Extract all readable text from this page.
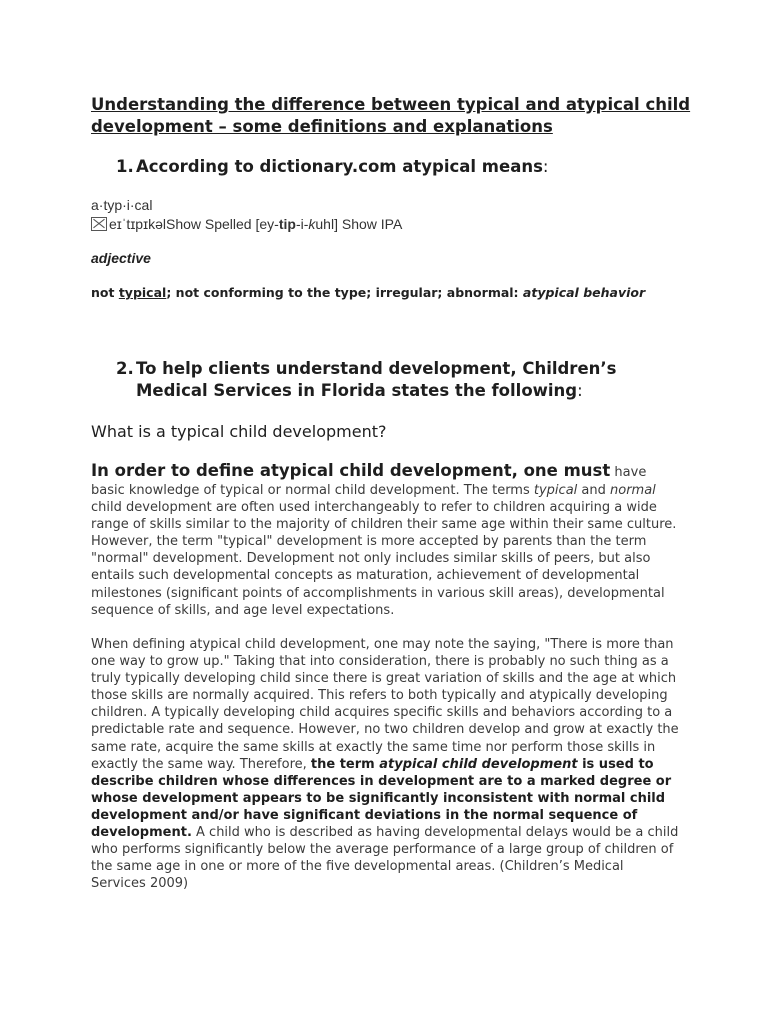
Understanding the difference between typical and atypical child development – some definitions and explanations
1. According to dictionary.com atypical means:
a·typ·i·cal
eɪˈtɪpɪkəlShow Spelled [ey-tip-i-kuhl] Show IPA
adjective
not typical; not conforming to the type; irregular; abnormal: atypical behavior
2. To help clients understand development, Children’s
Medical Services in Florida states the following:
What is a typical child development?
In order to define atypical child development, one must have basic knowledge of typical or normal child development. The terms typical and normal child development are often used interchangeably to refer to children acquiring a wide range of skills similar to the majority of children their same age within their same culture. However, the term "typical" development is more accepted by parents than the term "normal" development. Development not only includes similar skills of peers, but also entails such developmental concepts as maturation, achievement of developmental milestones (significant points of accomplishments in various skill areas), developmental sequence of skills, and age level expectations.
When defining atypical child development, one may note the saying, "There is more than one way to grow up." Taking that into consideration, there is probably no such thing as a truly typically developing child since there is great variation of skills and the age at which those skills are normally acquired. This refers to both typically and atypically developing children. A typically developing child acquires specific skills and behaviors according to a predictable rate and sequence. However, no two children develop and grow at exactly the same rate, acquire the same skills at exactly the same time nor perform those skills in exactly the same way. Therefore, the term atypical child development is used to describe children whose differences in development are to a marked degree or whose development appears to be significantly inconsistent with normal child development and/or have significant deviations in the normal sequence of development. A child who is described as having developmental delays would be a child who performs significantly below the average performance of a large group of children of the same age in one or more of the five developmental areas. (Children’s Medical Services 2009)
